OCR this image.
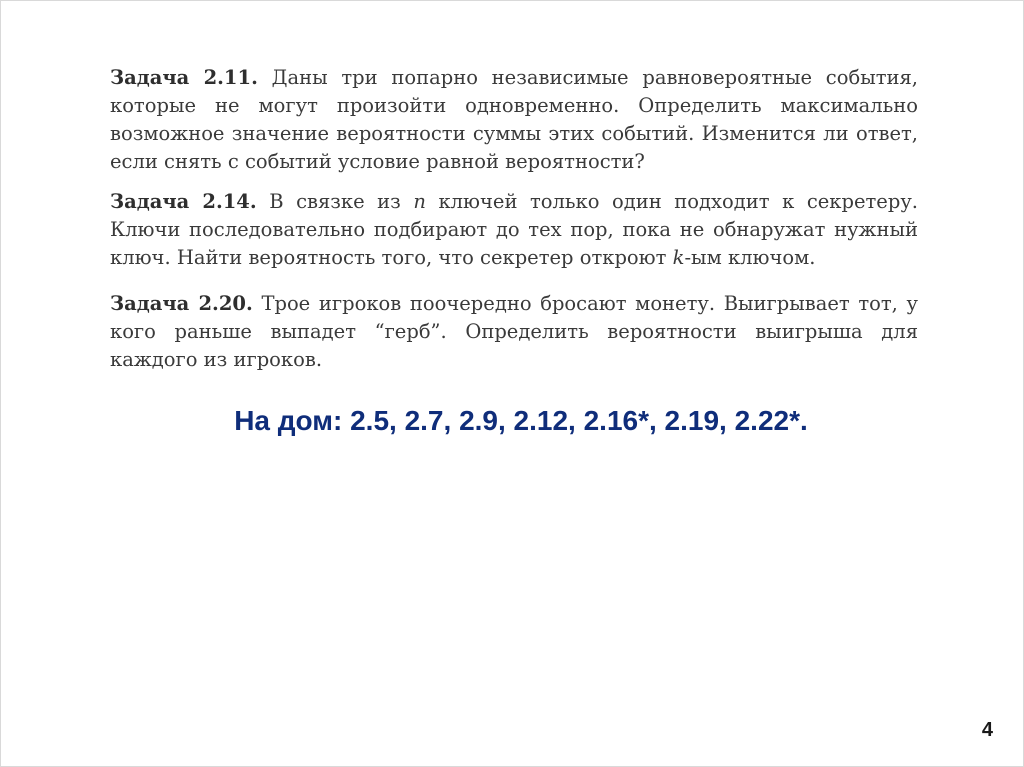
Задача 2.11. Даны три попарно независимые равновероятные события, которые не могут произойти одновременно. Определить максимально возможное значение вероятности суммы этих событий. Изменится ли ответ, если снять с событий условие равной вероятности?
Задача 2.14. В связке из n ключей только один подходит к секретеру. Ключи последовательно подбирают до тех пор, пока не обнаружат нужный ключ. Найти вероятность того, что секретер откроют k-ым ключом.
Задача 2.20. Трое игроков поочередно бросают монету. Выигрывает тот, у кого раньше выпадет “герб”. Определить вероятности выигрыша для каждого из игроков.
На дом: 2.5, 2.7, 2.9, 2.12, 2.16*, 2.19, 2.22*.
4
